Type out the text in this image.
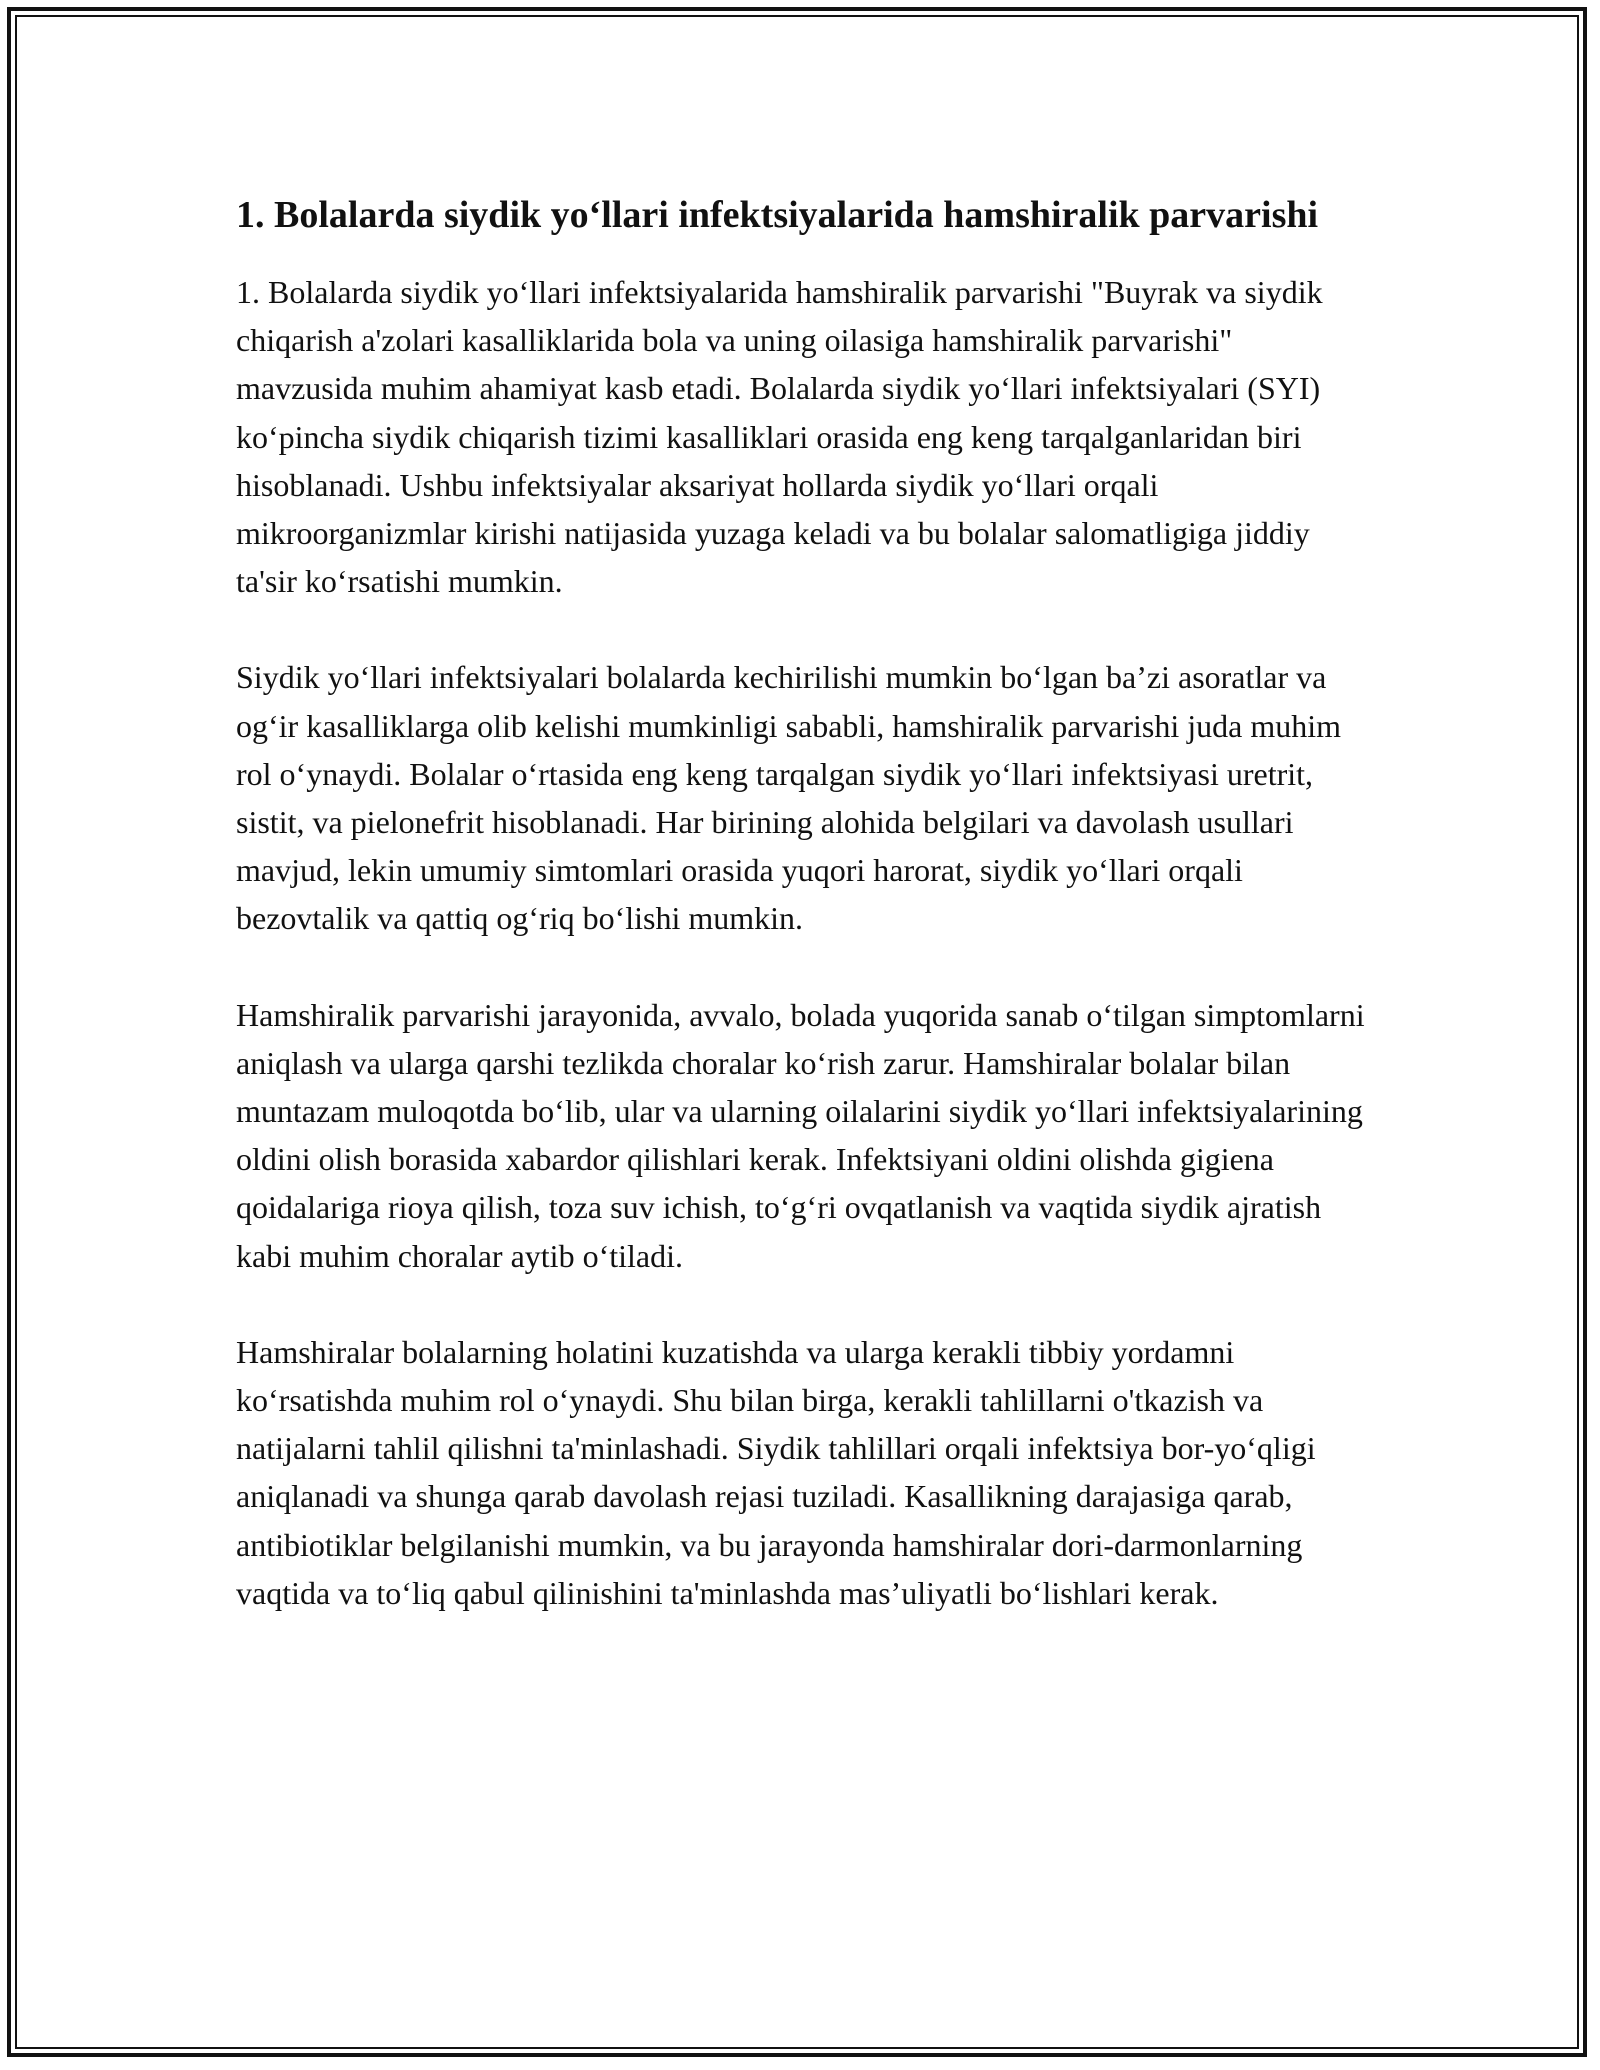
1. Bolalarda siydik yo‘llari infektsiyalarida hamshiralik parvarishi

1. Bolalarda siydik yo‘llari infektsiyalarida hamshiralik parvarishi "Buyrak va siydik chiqarish a'zolari kasalliklarida bola va uning oilasiga hamshiralik parvarishi" mavzusida muhim ahamiyat kasb etadi. Bolalarda siydik yo‘llari infektsiyalari (SYI) ko‘pincha siydik chiqarish tizimi kasalliklari orasida eng keng tarqalganlaridan biri hisoblanadi. Ushbu infektsiyalar aksariyat hollarda siydik yo‘llari orqali mikroorganizmlar kirishi natijasida yuzaga keladi va bu bolalar salomatligiga jiddiy ta'sir ko‘rsatishi mumkin.

Siydik yo‘llari infektsiyalari bolalarda kechirilishi mumkin bo‘lgan ba’zi asoratlar va og‘ir kasalliklarga olib kelishi mumkinligi sababli, hamshiralik parvarishi juda muhim rol o‘ynaydi. Bolalar o‘rtasida eng keng tarqalgan siydik yo‘llari infektsiyasi uretrit, sistit, va pielonefrit hisoblanadi. Har birining alohida belgilari va davolash usullari mavjud, lekin umumiy simtomlari orasida yuqori harorat, siydik yo‘llari orqali bezovtalik va qattiq og‘riq bo‘lishi mumkin.

Hamshiralik parvarishi jarayonida, avvalo, bolada yuqorida sanab o‘tilgan simptomlarni aniqlash va ularga qarshi tezlikda choralar ko‘rish zarur. Hamshiralar bolalar bilan muntazam muloqotda bo‘lib, ular va ularning oilalarini siydik yo‘llari infektsiyalarining oldini olish borasida xabardor qilishlari kerak. Infektsiyani oldini olishda gigiena qoidalariga rioya qilish, toza suv ichish, to‘g‘ri ovqatlanish va vaqtida siydik ajratish kabi muhim choralar aytib o‘tiladi.

Hamshiralar bolalarning holatini kuzatishda va ularga kerakli tibbiy yordamni ko‘rsatishda muhim rol o‘ynaydi. Shu bilan birga, kerakli tahlillarni o'tkazish va natijalarni tahlil qilishni ta'minlashadi. Siydik tahlillari orqali infektsiya bor-yo‘qligi aniqlanadi va shunga qarab davolash rejasi tuziladi. Kasallikning darajasiga qarab, antibiotiklar belgilanishi mumkin, va bu jarayonda hamshiralar dori-darmonlarning vaqtida va to‘liq qabul qilinishini ta'minlashda mas’uliyatli bo‘lishlari kerak.
